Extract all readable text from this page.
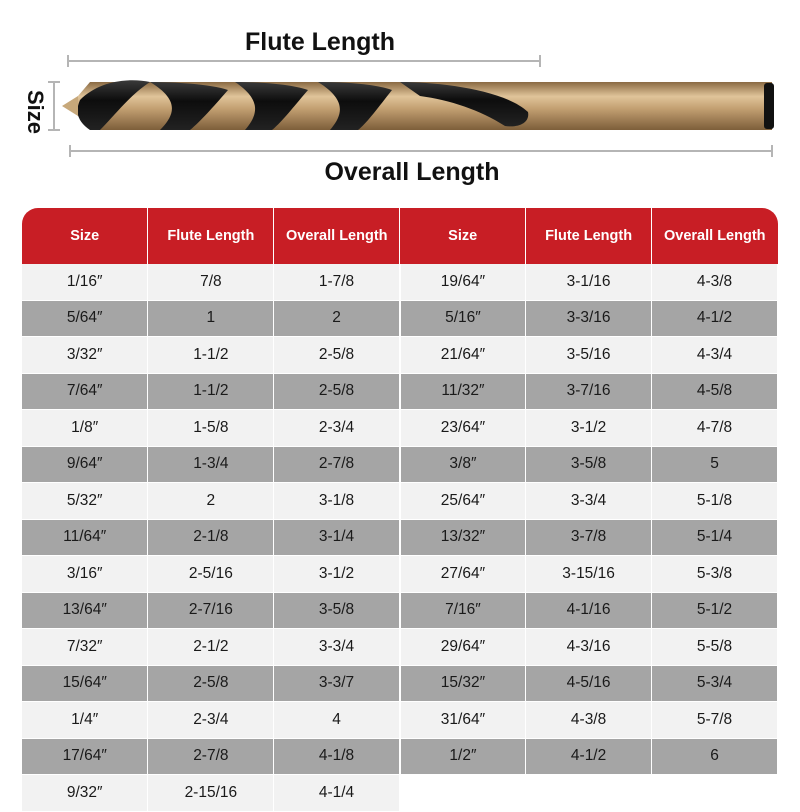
Flute Length
Overall Length
Size
Size	Flute Length	Overall Length	Size	Flute Length	Overall Length
1/16″	7/8	1-7/8	19/64″	3-1/16	4-3/8
5/64″	1	2	5/16″	3-3/16	4-1/2
3/32″	1-1/2	2-5/8	21/64″	3-5/16	4-3/4
7/64″	1-1/2	2-5/8	11/32″	3-7/16	4-5/8
1/8″	1-5/8	2-3/4	23/64″	3-1/2	4-7/8
9/64″	1-3/4	2-7/8	3/8″	3-5/8	5
5/32″	2	3-1/8	25/64″	3-3/4	5-1/8
11/64″	2-1/8	3-1/4	13/32″	3-7/8	5-1/4
3/16″	2-5/16	3-1/2	27/64″	3-15/16	5-3/8
13/64″	2-7/16	3-5/8	7/16″	4-1/16	5-1/2
7/32″	2-1/2	3-3/4	29/64″	4-3/16	5-5/8
15/64″	2-5/8	3-3/7	15/32″	4-5/16	5-3/4
1/4″	2-3/4	4	31/64″	4-3/8	5-7/8
17/64″	2-7/8	4-1/8	1/2″	4-1/2	6
9/32″	2-15/16	4-1/4			
